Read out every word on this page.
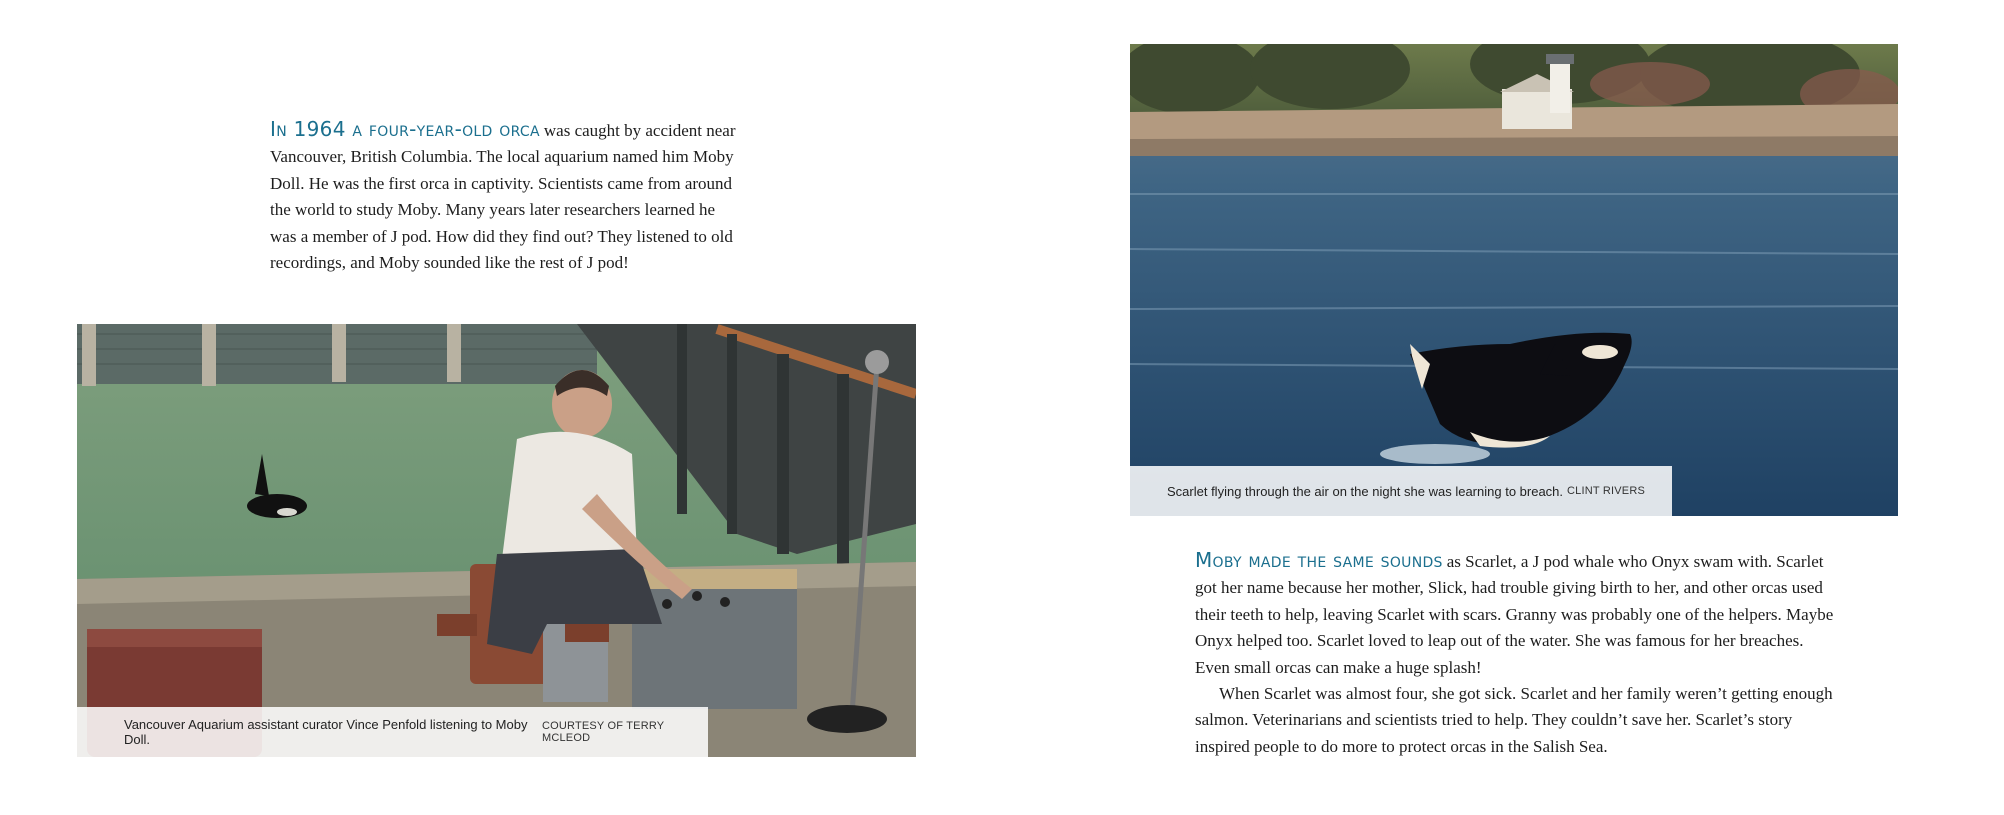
In 1964 a four-year-old orca was caught by accident near Vancouver, British Columbia. The local aquarium named him Moby Doll. He was the first orca in captivity. Scientists came from around the world to study Moby. Many years later researchers learned he was a member of J pod. How did they find out? They listened to old recordings, and Moby sounded like the rest of J pod!
Vancouver Aquarium assistant curator Vince Penfold listening to Moby Doll.
COURTESY OF TERRY MCLEOD
Scarlet flying through the air on the night she was learning to breach. CLINT RIVERS
Moby made the same sounds as Scarlet, a J pod whale who Onyx swam with. Scarlet got her name because her mother, Slick, had trouble giving birth to her, and other orcas used their teeth to help, leaving Scarlet with scars. Granny was probably one of the helpers. Maybe Onyx helped too. Scarlet loved to leap out of the water. She was famous for her breaches. Even small orcas can make a huge splash!
When Scarlet was almost four, she got sick. Scarlet and her family weren’t getting enough salmon. Veterinarians and scientists tried to help. They couldn’t save her. Scarlet’s story inspired people to do more to protect orcas in the Salish Sea.
